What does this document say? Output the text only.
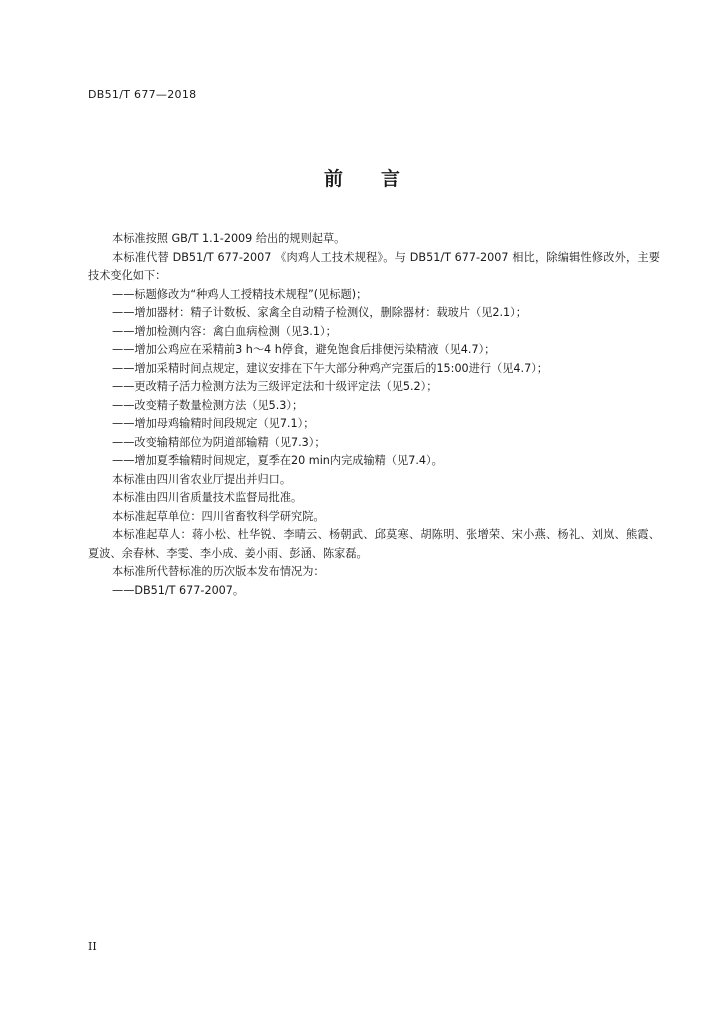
DB51/T 677—2018
前言

本标准按照 GB/T 1.1-2009 给出的规则起草。

本标准代替 DB51/T 677-2007 《肉鸡人工技术规程》。与 DB51/T 677-2007 相比，除编辑性修改外，主要技术变化如下：

——标题修改为“种鸡人工授精技术规程”(见标题)；

——增加器材：精子计数板、家禽全自动精子检测仪，删除器材：载玻片（见2.1）；

——增加检测内容：禽白血病检测（见3.1）；

——增加公鸡应在采精前3 h～4 h停食，避免饱食后排便污染精液（见4.7）；

——增加采精时间点规定，建议安排在下午大部分种鸡产完蛋后的15:00进行（见4.7）；

——更改精子活力检测方法为三级评定法和十级评定法（见5.2）；

——改变精子数量检测方法（见5.3）；

——增加母鸡输精时间段规定（见7.1）；

——改变输精部位为阴道部输精（见7.3）；

——增加夏季输精时间规定，夏季在20 min内完成输精（见7.4）。

本标准由四川省农业厅提出并归口。

本标准由四川省质量技术监督局批准。

本标准起草单位：四川省畜牧科学研究院。

本标准起草人：蒋小松、杜华锐、李晴云、杨朝武、邱莫寒、胡陈明、张增荣、宋小燕、杨礼、刘岚、熊霞、夏波、余春林、李雯、李小成、姜小雨、彭涵、陈家磊。

本标准所代替标准的历次版本发布情况为：

——DB51/T 677-2007。

II
